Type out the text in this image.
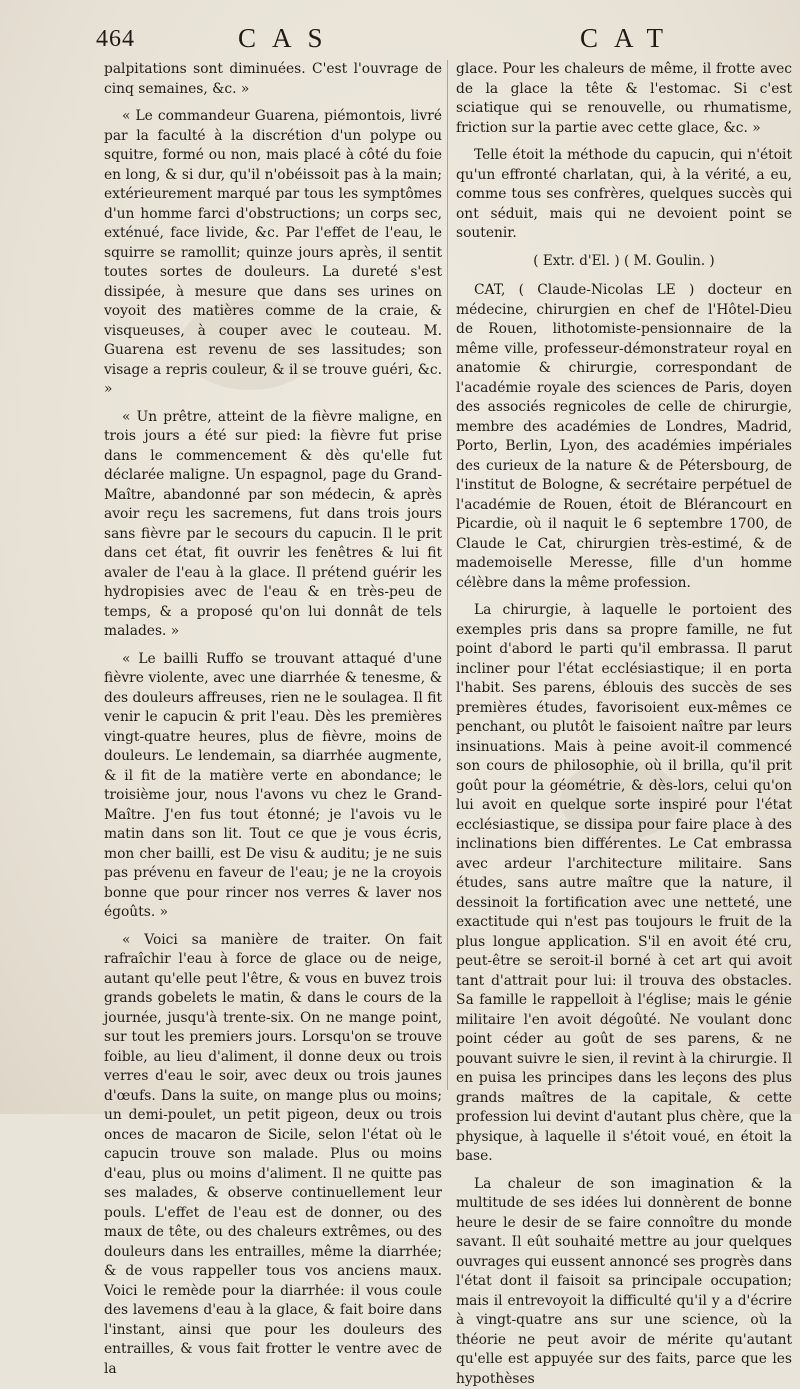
464	CAS	CAT

palpitations sont diminuées. C'est l'ouvrage de cinq semaines, &c. »

« Le commandeur Guarena, piémontois, livré par la faculté à la discrétion d'un polype ou squitre, formé ou non, mais placé à côté du foie en long, & si dur, qu'il n'obéissoit pas à la main; extérieurement marqué par tous les symptômes d'un homme farci d'obstructions; un corps sec, exténué, face livide, &c. Par l'effet de l'eau, le squirre se ramollit; quinze jours après, il sentit toutes sortes de douleurs. La dureté s'est dissipée, à mesure que dans ses urines on voyoit des matières comme de la craie, & visqueuses, à couper avec le couteau. M. Guarena est revenu de ses lassitudes; son visage a repris couleur, & il se trouve guéri, &c. »

« Un prêtre, atteint de la fièvre maligne, en trois jours a été sur pied: la fièvre fut prise dans le commencement & dès qu'elle fut déclarée maligne. Un espagnol, page du Grand-Maître, abandonné par son médecin, & après avoir reçu les sacremens, fut dans trois jours sans fièvre par le secours du capucin. Il le prit dans cet état, fit ouvrir les fenêtres & lui fit avaler de l'eau à la glace. Il prétend guérir les hydropisies avec de l'eau & en très-peu de temps, & a proposé qu'on lui donnât de tels malades. »

« Le bailli Ruffo se trouvant attaqué d'une fièvre violente, avec une diarrhée & tenesme, & des douleurs affreuses, rien ne le soulagea. Il fit venir le capucin & prit l'eau. Dès les premières vingt-quatre heures, plus de fièvre, moins de douleurs. Le lendemain, sa diarrhée augmente, & il fit de la matière verte en abondance; le troisième jour, nous l'avons vu chez le Grand-Maître. J'en fus tout étonné; je l'avois vu le matin dans son lit. Tout ce que je vous écris, mon cher bailli, est De visu & auditu; je ne suis pas prévenu en faveur de l'eau; je ne la croyois bonne que pour rincer nos verres & laver nos égoûts. »

« Voici sa manière de traiter. On fait rafraîchir l'eau à force de glace ou de neige, autant qu'elle peut l'être, & vous en buvez trois grands gobelets le matin, & dans le cours de la journée, jusqu'à trente-six. On ne mange point, sur tout les premiers jours. Lorsqu'on se trouve foible, au lieu d'aliment, il donne deux ou trois verres d'eau le soir, avec deux ou trois jaunes d'œufs. Dans la suite, on mange plus ou moins; un demi-poulet, un petit pigeon, deux ou trois onces de macaron de Sicile, selon l'état où le capucin trouve son malade. Plus ou moins d'eau, plus ou moins d'aliment. Il ne quitte pas ses malades, & observe continuellement leur pouls. L'effet de l'eau est de donner, ou des maux de tête, ou des chaleurs extrêmes, ou des douleurs dans les entrailles, même la diarrhée; & de vous rappeller tous vos anciens maux. Voici le remède pour la diarrhée: il vous coule des lavemens d'eau à la glace, & fait boire dans l'instant, ainsi que pour les douleurs des entrailles, & vous fait frotter le ventre avec de la

glace. Pour les chaleurs de même, il frotte avec de la glace la tête & l'estomac. Si c'est sciatique qui se renouvelle, ou rhumatisme, friction sur la partie avec cette glace, &c. »

Telle étoit la méthode du capucin, qui n'étoit qu'un effronté charlatan, qui, à la vérité, a eu, comme tous ses confrères, quelques succès qui ont séduit, mais qui ne devoient point se soutenir.

( Extr. d'El. ) ( M. Goulin. )

CAT, ( Claude-Nicolas LE ) docteur en médecine, chirurgien en chef de l'Hôtel-Dieu de Rouen, lithotomiste-pensionnaire de la même ville, professeur-démonstrateur royal en anatomie & chirurgie, correspondant de l'académie royale des sciences de Paris, doyen des associés regnicoles de celle de chirurgie, membre des académies de Londres, Madrid, Porto, Berlin, Lyon, des académies impériales des curieux de la nature & de Pétersbourg, de l'institut de Bologne, & secrétaire perpétuel de l'académie de Rouen, étoit de Blérancourt en Picardie, où il naquit le 6 septembre 1700, de Claude le Cat, chirurgien très-estimé, & de mademoiselle Meresse, fille d'un homme célèbre dans la même profession.

La chirurgie, à laquelle le portoient des exemples pris dans sa propre famille, ne fut point d'abord le parti qu'il embrassa. Il parut incliner pour l'état ecclésiastique; il en porta l'habit. Ses parens, éblouis des succès de ses premières études, favorisoient eux-mêmes ce penchant, ou plutôt le faisoient naître par leurs insinuations. Mais à peine avoit-il commencé son cours de philosophie, où il brilla, qu'il prit goût pour la géométrie, & dès-lors, celui qu'on lui avoit en quelque sorte inspiré pour l'état ecclésiastique, se dissipa pour faire place à des inclinations bien différentes. Le Cat embrassa avec ardeur l'architecture militaire. Sans études, sans autre maître que la nature, il dessinoit la fortification avec une netteté, une exactitude qui n'est pas toujours le fruit de la plus longue application. S'il en avoit été cru, peut-être se seroit-il borné à cet art qui avoit tant d'attrait pour lui: il trouva des obstacles. Sa famille le rappelloit à l'église; mais le génie militaire l'en avoit dégoûté. Ne voulant donc point céder au goût de ses parens, & ne pouvant suivre le sien, il revint à la chirurgie. Il en puisa les principes dans les leçons des plus grands maîtres de la capitale, & cette profession lui devint d'autant plus chère, que la physique, à laquelle il s'étoit voué, en étoit la base.

La chaleur de son imagination & la multitude de ses idées lui donnèrent de bonne heure le desir de se faire connoître du monde savant. Il eût souhaité mettre au jour quelques ouvrages qui eussent annoncé ses progrès dans l'état dont il faisoit sa principale occupation; mais il entrevoyoit la difficulté qu'il y a d'écrire à vingt-quatre ans sur une science, où la théorie ne peut avoir de mérite qu'autant qu'elle est appuyée sur des faits, parce que les hypothèses
